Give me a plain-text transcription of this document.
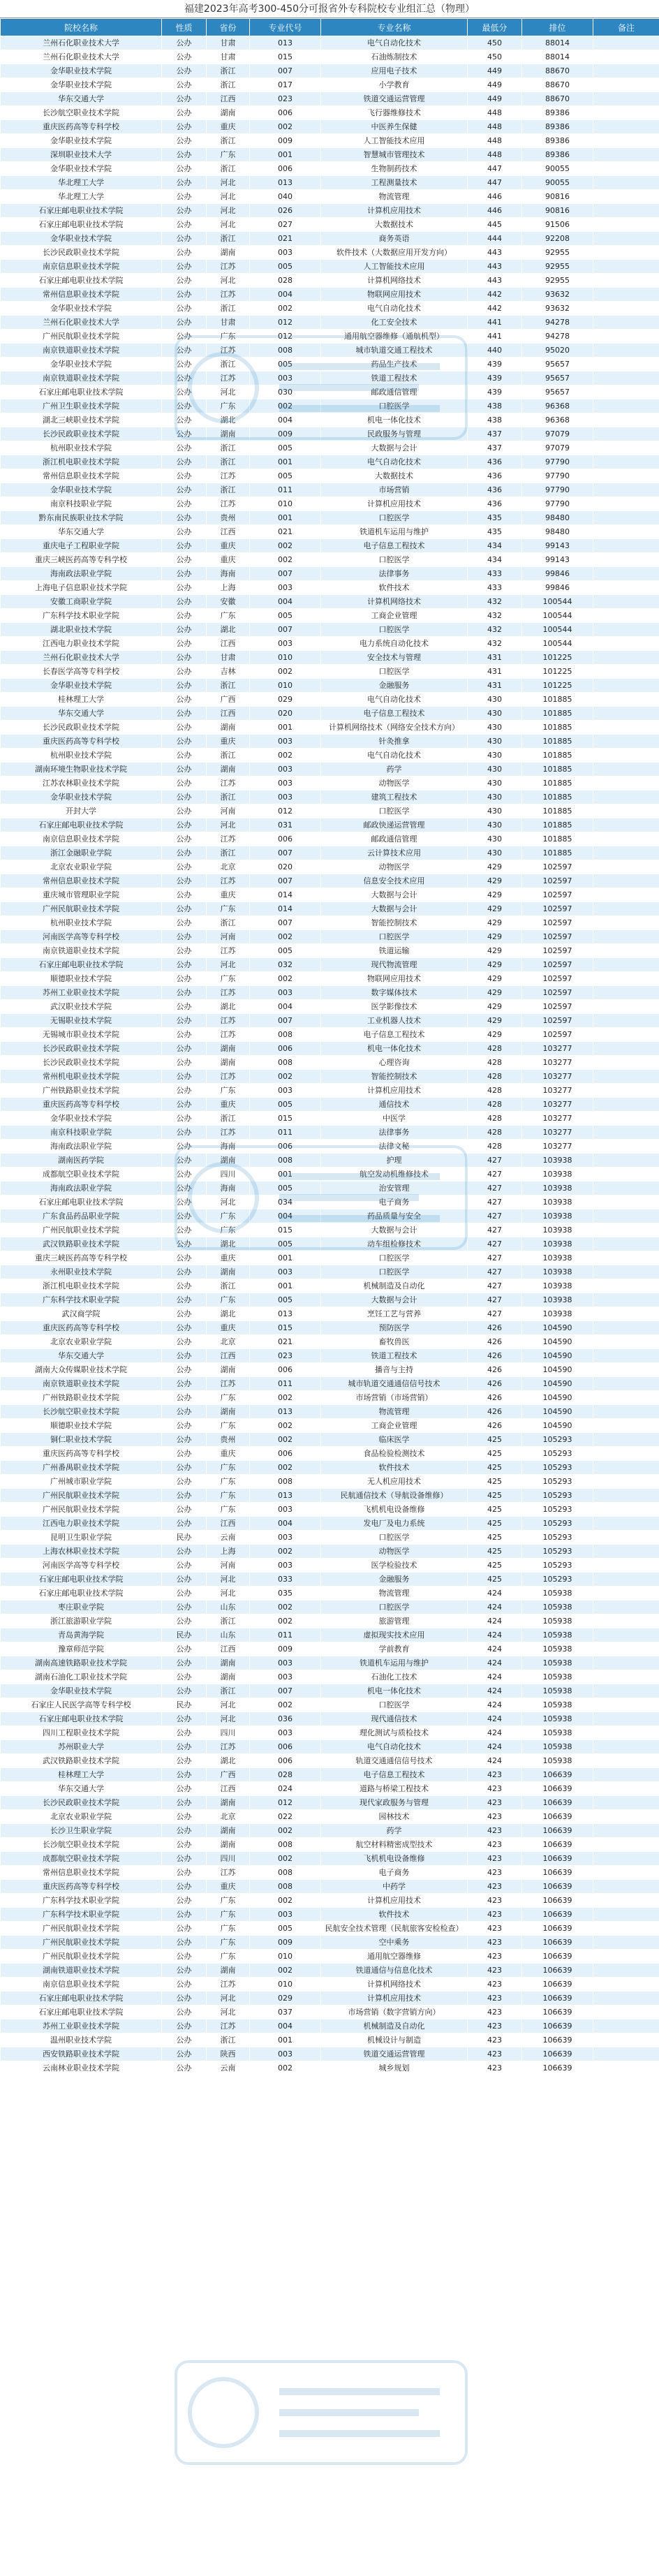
福建2023年高考300-450分可报省外专科院校专业组汇总（物理）
院校名称	性质	省份	专业代号	专业名称	最低分	排位	备注
兰州石化职业技术大学	公办	甘肃	013	电气自动化技术	450	88014	
兰州石化职业技术大学	公办	甘肃	015	石油炼制技术	450	88014	
金华职业技术学院	公办	浙江	007	应用电子技术	449	88670	
金华职业技术学院	公办	浙江	017	小学教育	449	88670	
华东交通大学	公办	江西	023	铁道交通运营管理	449	88670	
长沙航空职业技术学院	公办	湖南	006	飞行器维修技术	448	89386	
重庆医药高等专科学校	公办	重庆	002	中医养生保健	448	89386	
金华职业技术学院	公办	浙江	009	人工智能技术应用	448	89386	
深圳职业技术大学	公办	广东	001	智慧城市管理技术	448	89386	
金华职业技术学院	公办	浙江	006	生物制药技术	447	90055	
华北理工大学	公办	河北	013	工程测量技术	447	90055	
华北理工大学	公办	河北	040	物流管理	446	90816	
石家庄邮电职业技术学院	公办	河北	026	计算机应用技术	446	90816	
石家庄邮电职业技术学院	公办	河北	027	大数据技术	445	91506	
金华职业技术学院	公办	浙江	021	商务英语	444	92208	
长沙民政职业技术学院	公办	湖南	003	软件技术（大数据应用开发方向）	443	92955	
南京信息职业技术学院	公办	江苏	005	人工智能技术应用	443	92955	
石家庄邮电职业技术学院	公办	河北	028	计算机网络技术	443	92955	
常州信息职业技术学院	公办	江苏	004	物联网应用技术	442	93632	
金华职业技术学院	公办	浙江	002	电气自动化技术	442	93632	
兰州石化职业技术大学	公办	甘肃	012	化工安全技术	441	94278	
广州民航职业技术学院	公办	广东	012	通用航空器维修（通航机型）	441	94278	
南京铁道职业技术学院	公办	江苏	008	城市轨道交通工程技术	440	95020	
金华职业技术学院	公办	浙江	005	药品生产技术	439	95657	
南京铁道职业技术学院	公办	江苏	003	铁道工程技术	439	95657	
石家庄邮电职业技术学院	公办	河北	030	邮政通信管理	439	95657	
广州卫生职业技术学院	公办	广东	002	口腔医学	438	96368	
湖北三峡职业技术学院	公办	湖北	004	机电一体化技术	438	96368	
长沙民政职业技术学院	公办	湖南	009	民政服务与管理	437	97079	
杭州职业技术学院	公办	浙江	005	大数据与会计	437	97079	
浙江机电职业技术学院	公办	浙江	001	电气自动化技术	436	97790	
常州信息职业技术学院	公办	江苏	005	大数据技术	436	97790	
金华职业技术学院	公办	浙江	011	市场营销	436	97790	
南京科技职业学院	公办	江苏	010	计算机应用技术	436	97790	
黔东南民族职业技术学院	公办	贵州	001	口腔医学	435	98480	
华东交通大学	公办	江西	021	铁道机车运用与维护	435	98480	
重庆电子工程职业学院	公办	重庆	002	电子信息工程技术	434	99143	
重庆三峡医药高等专科学校	公办	重庆	002	口腔医学	434	99143	
海南政法职业学院	公办	海南	007	法律事务	433	99846	
上海电子信息职业技术学院	公办	上海	003	软件技术	433	99846	
安徽工商职业学院	公办	安徽	004	计算机网络技术	432	100544	
广东科学技术职业学院	公办	广东	005	工商企业管理	432	100544	
湖北职业技术学院	公办	湖北	007	口腔医学	432	100544	
江西电力职业技术学院	公办	江西	003	电力系统自动化技术	432	100544	
兰州石化职业技术大学	公办	甘肃	010	安全技术与管理	431	101225	
长春医学高等专科学校	公办	吉林	002	口腔医学	431	101225	
金华职业技术学院	公办	浙江	010	金融服务	431	101225	
桂林理工大学	公办	广西	029	电气自动化技术	430	101885	
华东交通大学	公办	江西	020	电子信息工程技术	430	101885	
长沙民政职业技术学院	公办	湖南	001	计算机网络技术（网络安全技术方向）	430	101885	
重庆医药高等专科学校	公办	重庆	003	针灸推拿	430	101885	
杭州职业技术学院	公办	浙江	002	电气自动化技术	430	101885	
湖南环境生物职业技术学院	公办	湖南	003	药学	430	101885	
江苏农林职业技术学院	公办	江苏	003	动物医学	430	101885	
金华职业技术学院	公办	浙江	003	建筑工程技术	430	101885	
开封大学	公办	河南	012	口腔医学	430	101885	
石家庄邮电职业技术学院	公办	河北	031	邮政快递运营管理	430	101885	
南京信息职业技术学院	公办	江苏	006	邮政通信管理	430	101885	
浙江金融职业学院	公办	浙江	007	云计算技术应用	430	101885	
北京农业职业学院	公办	北京	020	动物医学	429	102597	
常州信息职业技术学院	公办	江苏	007	信息安全技术应用	429	102597	
重庆城市管理职业学院	公办	重庆	014	大数据与会计	429	102597	
广州民航职业技术学院	公办	广东	014	大数据与会计	429	102597	
杭州职业技术学院	公办	浙江	007	智能控制技术	429	102597	
河南医学高等专科学校	公办	河南	002	口腔医学	429	102597	
南京铁道职业技术学院	公办	江苏	005	铁道运输	429	102597	
石家庄邮电职业技术学院	公办	河北	032	现代物流管理	429	102597	
顺德职业技术学院	公办	广东	002	物联网应用技术	429	102597	
苏州工业职业技术学院	公办	江苏	003	数字媒体技术	429	102597	
武汉职业技术学院	公办	湖北	004	医学影像技术	429	102597	
无锡职业技术学院	公办	江苏	007	工业机器人技术	429	102597	
无锡城市职业技术学院	公办	江苏	008	电子信息工程技术	429	102597	
长沙民政职业技术学院	公办	湖南	006	机电一体化技术	428	103277	
长沙民政职业技术学院	公办	湖南	008	心理咨询	428	103277	
常州机电职业技术学院	公办	江苏	002	智能控制技术	428	103277	
广州铁路职业技术学院	公办	广东	003	计算机应用技术	428	103277	
重庆医药高等专科学校	公办	重庆	005	通信技术	428	103277	
金华职业技术学院	公办	浙江	015	中医学	428	103277	
南京科技职业学院	公办	江苏	011	法律事务	428	103277	
海南政法职业学院	公办	海南	006	法律文秘	428	103277	
湖南医药学院	公办	湖南	008	护理	427	103938	
成都航空职业技术学院	公办	四川	001	航空发动机维修技术	427	103938	
海南政法职业学院	公办	海南	005	治安管理	427	103938	
石家庄邮电职业技术学院	公办	河北	034	电子商务	427	103938	
广东食品药品职业学院	公办	广东	004	药品质量与安全	427	103938	
广州民航职业技术学院	公办	广东	015	大数据与会计	427	103938	
武汉铁路职业技术学院	公办	湖北	005	动车组检修技术	427	103938	
重庆三峡医药高等专科学校	公办	重庆	001	口腔医学	427	103938	
永州职业技术学院	公办	湖南	003	口腔医学	427	103938	
浙江机电职业技术学院	公办	浙江	001	机械制造及自动化	427	103938	
广东科学技术职业学院	公办	广东	005	大数据与会计	427	103938	
武汉商学院	公办	湖北	013	烹饪工艺与营养	427	103938	
重庆医药高等专科学校	公办	重庆	015	预防医学	426	104590	
北京农业职业学院	公办	北京	021	畜牧兽医	426	104590	
华东交通大学	公办	江西	023	铁道工程技术	426	104590	
湖南大众传媒职业技术学院	公办	湖南	006	播音与主持	426	104590	
南京铁道职业技术学院	公办	江苏	011	城市轨道交通通信信号技术	426	104590	
广州铁路职业技术学院	公办	广东	002	市场营销（市场营销）	426	104590	
长沙航空职业技术学院	公办	湖南	013	物流管理	426	104590	
顺德职业技术学院	公办	广东	002	工商企业管理	426	104590	
铜仁职业技术学院	公办	贵州	002	临床医学	425	105293	
重庆医药高等专科学校	公办	重庆	006	食品检验检测技术	425	105293	
广州番禺职业技术学院	公办	广东	002	软件技术	425	105293	
广州城市职业学院	公办	广东	008	无人机应用技术	425	105293	
广州民航职业技术学院	公办	广东	013	民航通信技术（导航设备维修）	425	105293	
广州民航职业技术学院	公办	广东	003	飞机机电设备维修	425	105293	
江西电力职业技术学院	公办	江西	004	发电厂及电力系统	425	105293	
昆明卫生职业学院	民办	云南	003	口腔医学	425	105293	
上海农林职业技术学院	公办	上海	002	动物医学	425	105293	
河南医学高等专科学校	公办	河南	003	医学检验技术	425	105293	
石家庄邮电职业技术学院	公办	河北	033	金融服务	425	105293	
石家庄邮电职业技术学院	公办	河北	035	物流管理	424	105938	
枣庄职业学院	公办	山东	002	口腔医学	424	105938	
浙江旅游职业学院	公办	浙江	002	旅游管理	424	105938	
青岛黄海学院	民办	山东	011	虚拟现实技术应用	424	105938	
豫章师范学院	公办	江西	009	学前教育	424	105938	
湖南高速铁路职业技术学院	公办	湖南	003	铁道机车运用与维护	424	105938	
湖南石油化工职业技术学院	公办	湖南	003	石油化工技术	424	105938	
金华职业技术学院	公办	浙江	007	机电一体化技术	424	105938	
石家庄人民医学高等专科学校	民办	河北	002	口腔医学	424	105938	
石家庄邮电职业技术学院	公办	河北	036	现代通信技术	424	105938	
四川工程职业技术学院	公办	四川	003	理化测试与质检技术	424	105938	
苏州职业大学	公办	江苏	006	电气自动化技术	424	105938	
武汉铁路职业技术学院	公办	湖北	006	轨道交通通信信号技术	424	105938	
桂林理工大学	公办	广西	028	电子信息工程技术	423	106639	
华东交通大学	公办	江西	024	道路与桥梁工程技术	423	106639	
长沙民政职业技术学院	公办	湖南	012	现代家政服务与管理	423	106639	
北京农业职业学院	公办	北京	022	园林技术	423	106639	
长沙卫生职业学院	公办	湖南	002	药学	423	106639	
长沙航空职业技术学院	公办	湖南	008	航空材料精密成型技术	423	106639	
成都航空职业技术学院	公办	四川	002	飞机机电设备维修	423	106639	
常州信息职业技术学院	公办	江苏	008	电子商务	423	106639	
重庆医药高等专科学校	公办	重庆	008	中药学	423	106639	
广东科学技术职业学院	公办	广东	002	计算机应用技术	423	106639	
广东科学技术职业学院	公办	广东	003	软件技术	423	106639	
广州民航职业技术学院	公办	广东	005	民航安全技术管理（民航旅客安检检查）	423	106639	
广州民航职业技术学院	公办	广东	009	空中乘务	423	106639	
广州民航职业技术学院	公办	广东	010	通用航空器维修	423	106639	
湖南铁道职业技术学院	公办	湖南	002	铁道通信与信息化技术	423	106639	
南京信息职业技术学院	公办	江苏	010	计算机网络技术	423	106639	
石家庄邮电职业技术学院	公办	河北	029	计算机应用技术	423	106639	
石家庄邮电职业技术学院	公办	河北	037	市场营销（数字营销方向）	423	106639	
苏州工业职业技术学院	公办	江苏	004	机械制造及自动化	423	106639	
温州职业技术学院	公办	浙江	001	机械设计与制造	423	106639	
西安铁路职业技术学院	公办	陕西	003	铁道交通运营管理	423	106639	
云南林业职业技术学院	公办	云南	002	城乡规划	423	106639	
